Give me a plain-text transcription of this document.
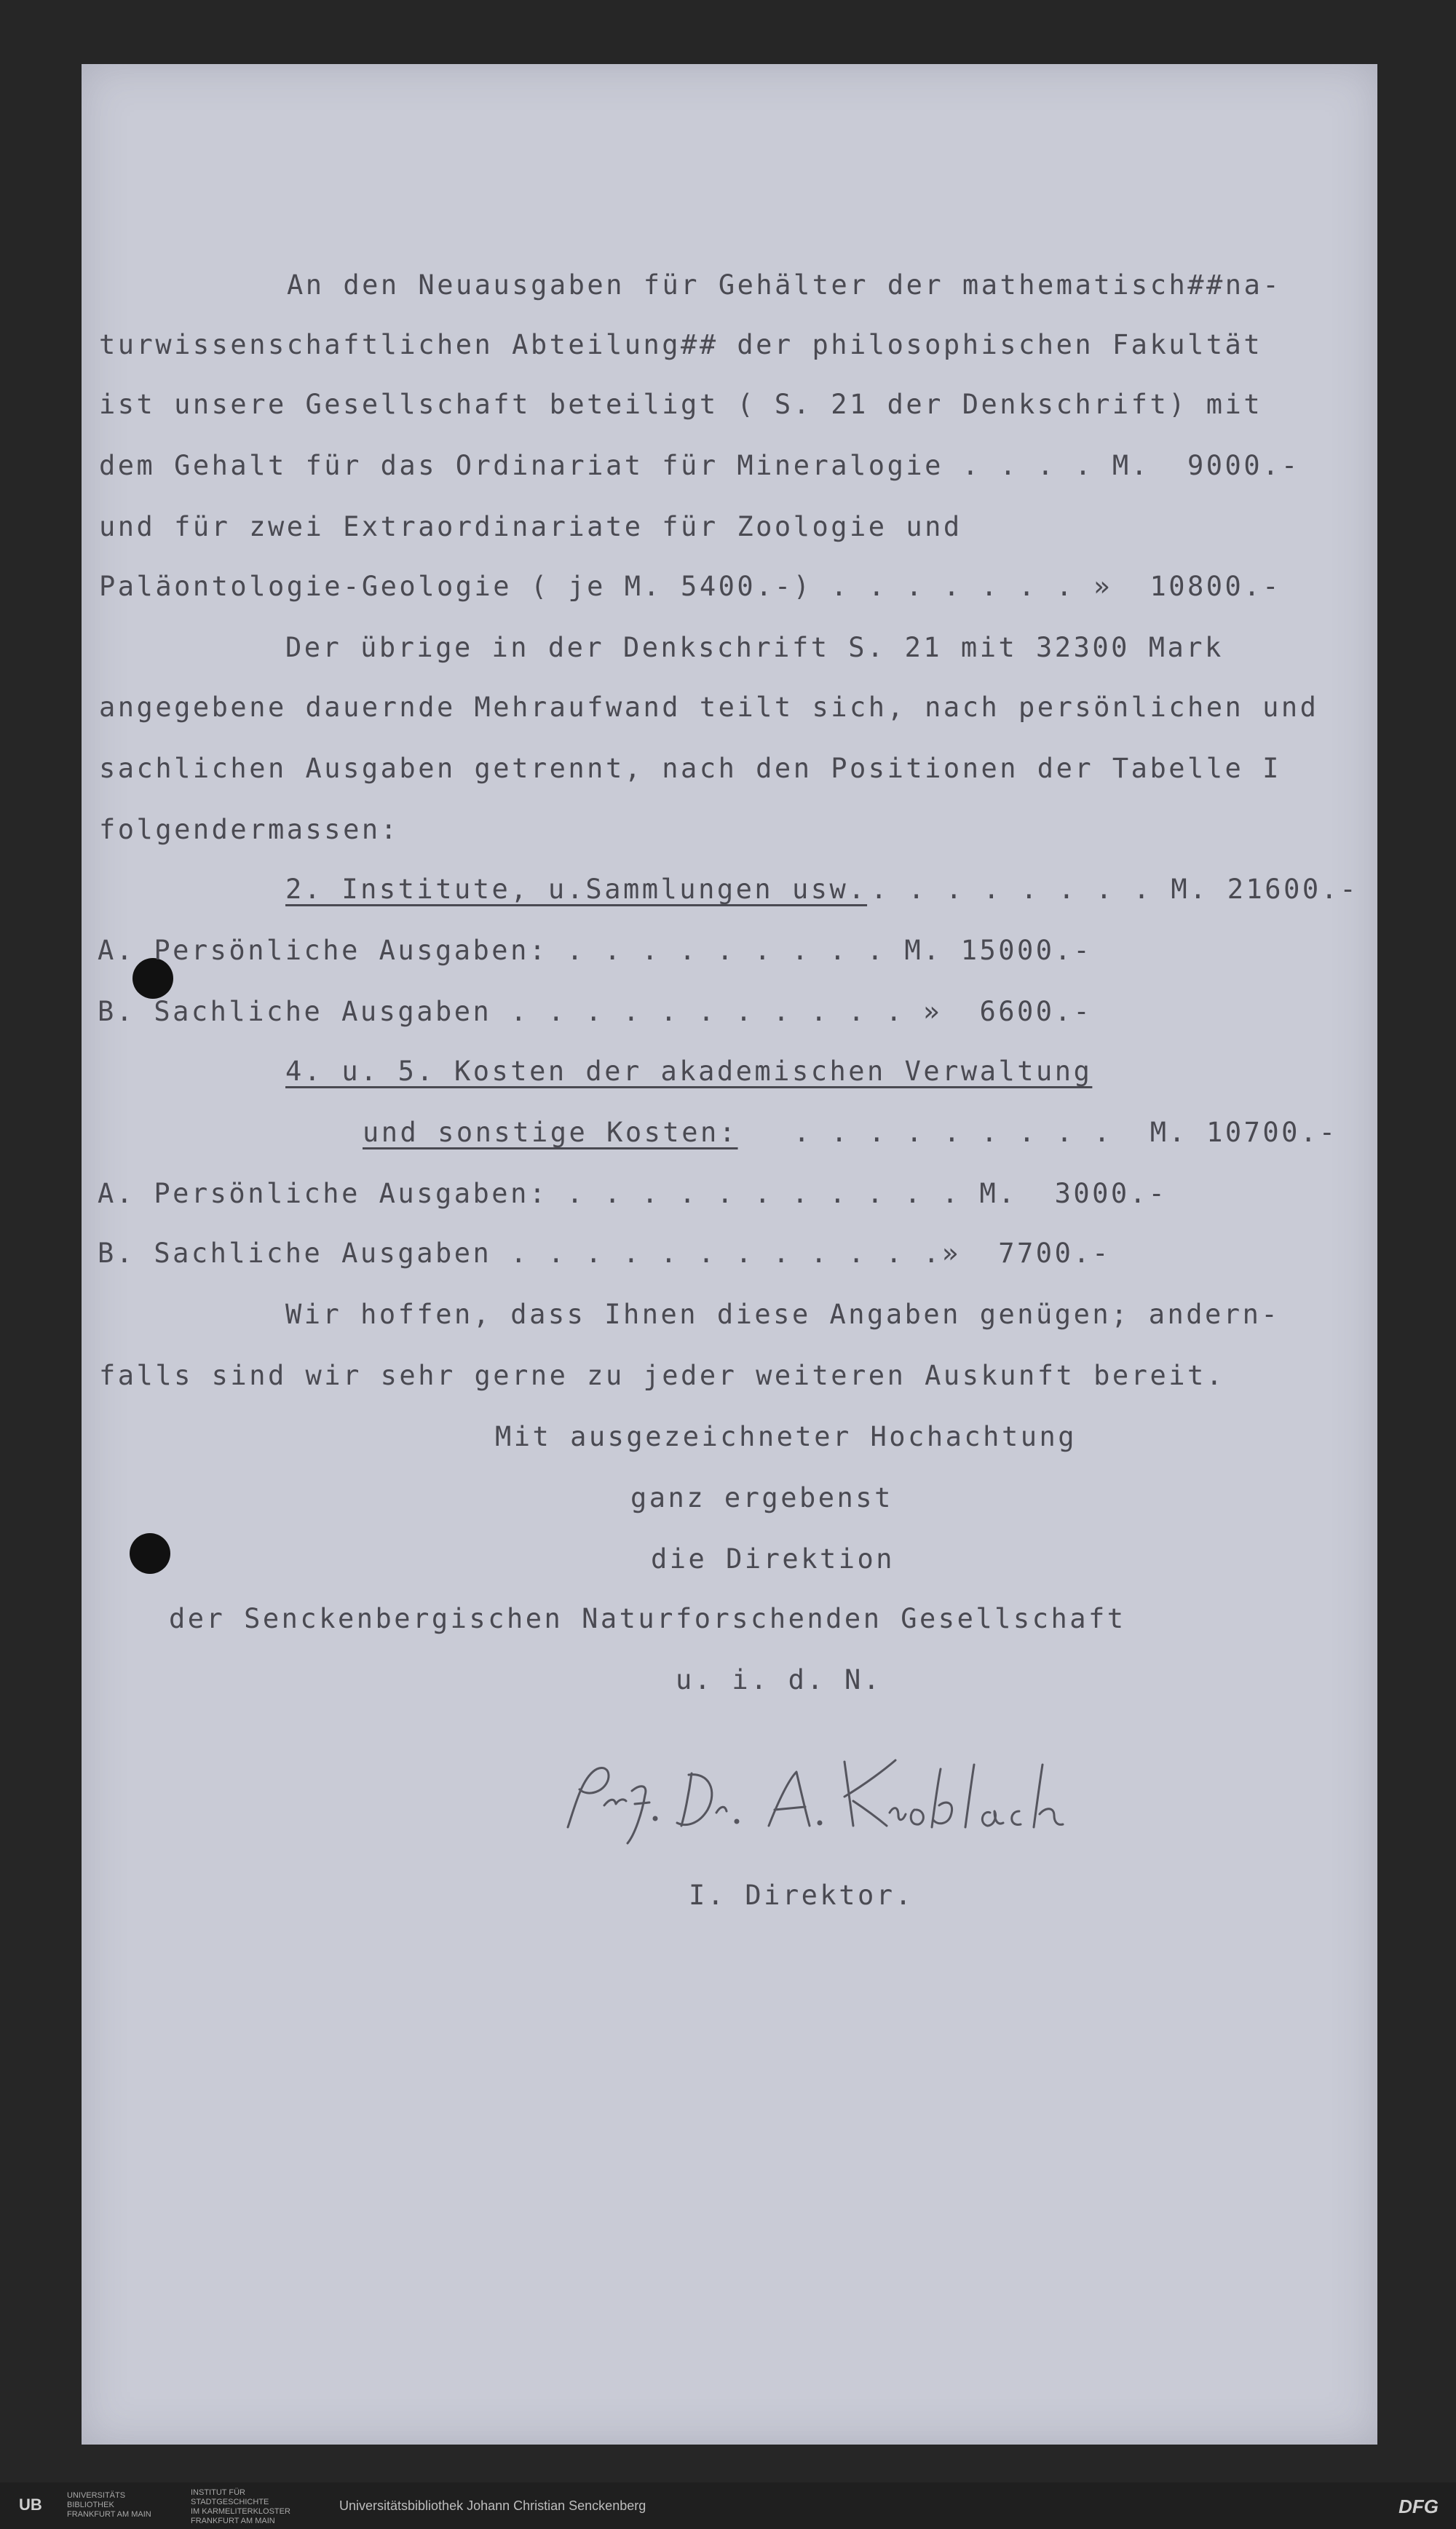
An den Neuausgaben für Gehälter der mathematisch##na-
turwissenschaftlichen Abteilung## der philosophischen Fakultät
ist unsere Gesellschaft beteiligt ( S. 21 der Denkschrift) mit
dem Gehalt für das Ordinariat für Mineralogie . . . . M.  9000.-
und für zwei Extraordinariate für Zoologie und
Paläontologie-Geologie ( je M. 5400.-) . . . . . . . »  10800.-
Der übrige in der Denkschrift S. 21 mit 32300 Mark
angegebene dauernde Mehraufwand teilt sich, nach persönlichen und
sachlichen Ausgaben getrennt, nach den Positionen der Tabelle I
folgendermassen:
2. Institute, u.Sammlungen usw. . . . . . . . . M. 21600.-
A. Persönliche Ausgaben: . . . . . . . . . M. 15000.-
B. Sachliche Ausgaben . . . . . . . . . . . »  6600.-
4. u. 5. Kosten der akademischen Verwaltung
und sonstige Kosten: . . . . . . . . .  M. 10700.-
A. Persönliche Ausgaben: . . . . . . . . . . . M.  3000.-
B. Sachliche Ausgaben . . . . . . . . . . . .»  7700.-
Wir hoffen, dass Ihnen diese Angaben genügen; andern-
falls sind wir sehr gerne zu jeder weiteren Auskunft bereit.
Mit ausgezeichneter Hochachtung
ganz ergebenst
die Direktion
der Senckenbergischen Naturforschenden Gesellschaft
u. i. d. N.
I. Direktor.
UB	UNIVERSITÄTS
BIBLIOTHEK
FRANKFURT AM MAIN
INSTITUT FÜR
STADTGESCHICHTE
IM KARMELITERKLOSTER
FRANKFURT AM MAIN
Universitätsbibliothek Johann Christian Senckenberg	DFG
